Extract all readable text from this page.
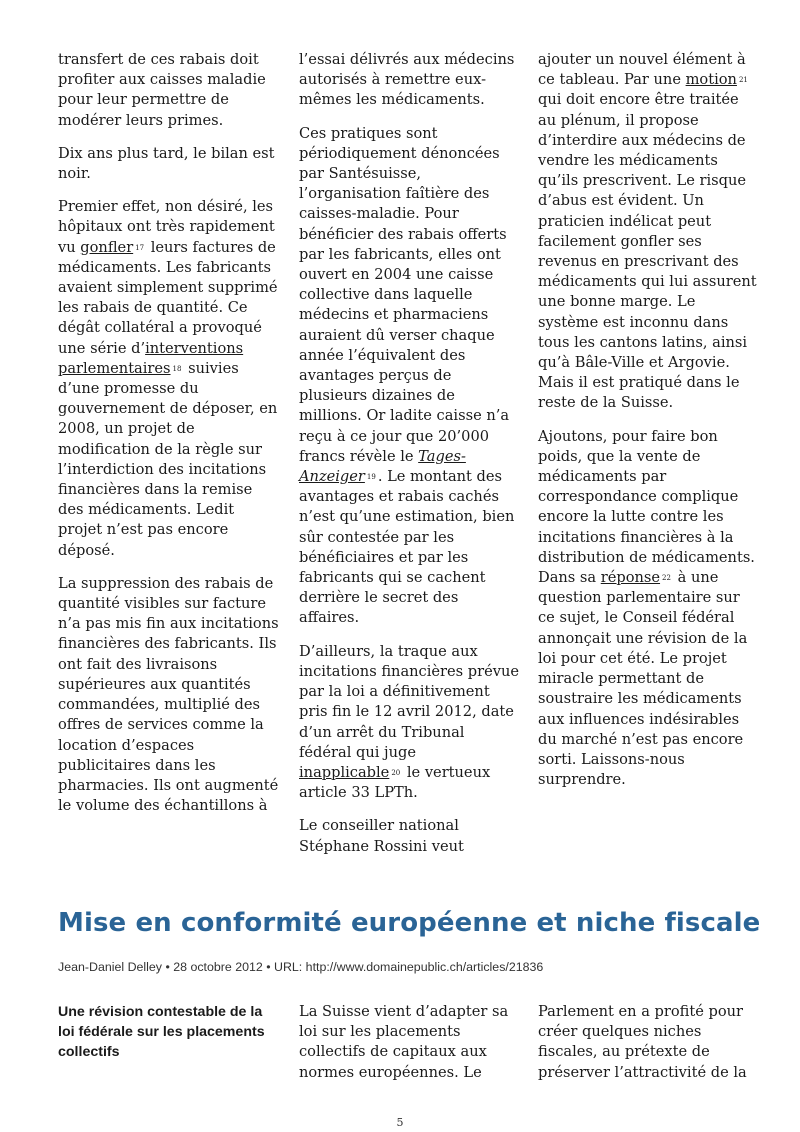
transfert de ces rabais doit profiter aux caisses maladie pour leur permettre de modérer leurs primes.

Dix ans plus tard, le bilan est noir.

Premier effet, non désiré, les hôpitaux ont très rapidement vu gonfler $^{17}$ leurs factures de médicaments. Les fabricants avaient simplement supprimé les rabais de quantité. Ce dégât collatéral a provoqué une série d’interventions parlementaires $^{18}$ suivies d’une promesse du gouvernement de déposer, en 2008, un projet de modification de la règle sur l’interdiction des incitations financières dans la remise des médicaments. Ledit projet n’est pas encore déposé.

La suppression des rabais de quantité visibles sur facture n’a pas mis fin aux incitations financières des fabricants. Ils ont fait des livraisons supérieures aux quantités commandées, multiplié des offres de services comme la location d’espaces publicitaires dans les pharmacies. Ils ont augmenté le volume des échantillons à

l’essai délivrés aux médecins autorisés à remettre eux-mêmes les médicaments.

Ces pratiques sont périodiquement dénoncées par Santésuisse, l’organisation faîtière des caisses-maladie. Pour bénéficier des rabais offerts par les fabricants, elles ont ouvert en 2004 une caisse collective dans laquelle médecins et pharmaciens auraient dû verser chaque année l’équivalent des avantages perçus de plusieurs dizaines de millions. Or ladite caisse n’a reçu à ce jour que 20’000 francs révèle le Tages-Anzeiger $^{19}$ . Le montant des avantages et rabais cachés n’est qu’une estimation, bien sûr contestée par les bénéficiaires et par les fabricants qui se cachent derrière le secret des affaires.

D’ailleurs, la traque aux incitations financières prévue par la loi a définitivement pris fin le 12 avril 2012, date d’un arrêt du Tribunal fédéral qui juge inapplicable $^{20}$ le vertueux article 33 LPTh.

Le conseiller national Stéphane Rossini veut

ajouter un nouvel élément à ce tableau. Par une motion $^{21}$ qui doit encore être traitée au plénum, il propose d’interdire aux médecins de vendre les médicaments qu’ils prescrivent. Le risque d’abus est évident. Un praticien indélicat peut facilement gonfler ses revenus en prescrivant des médicaments qui lui assurent une bonne marge. Le système est inconnu dans tous les cantons latins, ainsi qu’à Bâle-Ville et Argovie. Mais il est pratiqué dans le reste de la Suisse.

Ajoutons, pour faire bon poids, que la vente de médicaments par correspondance complique encore la lutte contre les incitations financières à la distribution de médicaments. Dans sa réponse $^{22}$ à une question parlementaire sur ce sujet, le Conseil fédéral annonçait une révision de la loi pour cet été. Le projet miracle permettant de soustraire les médicaments aux influences indésirables du marché n’est pas encore sorti. Laissons-nous surprendre.

Mise en conformité européenne et niche fiscale
Jean-Daniel Delley • 28 octobre 2012 • URL: http://www.domainepublic.ch/articles/21836
Une révision contestable de la loi fédérale sur les placements collectifs
La Suisse vient d’adapter sa loi sur les placements collectifs de capitaux aux normes européennes. Le
Parlement en a profité pour créer quelques niches fiscales, au prétexte de préserver l’attractivité de la
5
